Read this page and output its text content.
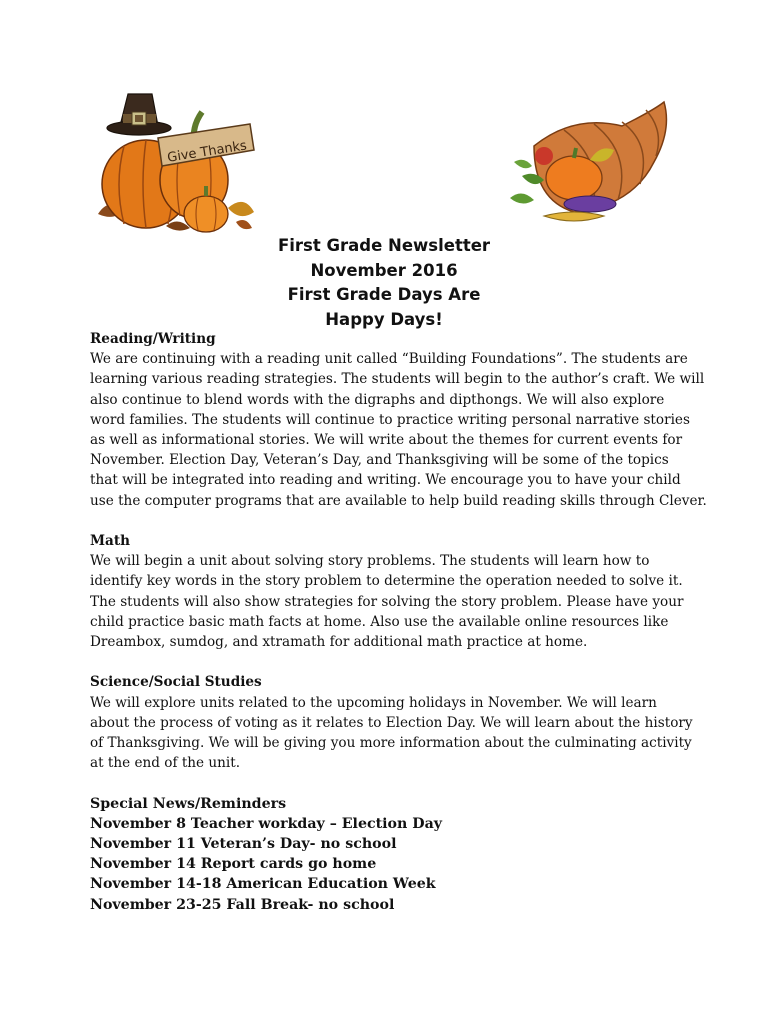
Give Thanks
First Grade Newsletter
November 2016
First Grade Days Are
Happy Days!
Reading/Writing
We are continuing with a reading unit called “Building Foundations”. The students are
learning various reading strategies. The students will begin to the author’s craft. We will
also continue to blend words with the digraphs and dipthongs. We will also explore
word families. The students will continue to practice writing personal narrative stories
as well as informational stories. We will write about the themes for current events for
November. Election Day, Veteran’s Day, and Thanksgiving will be some of the topics
that will be integrated into reading and writing. We encourage you to have your child
use the computer programs that are available to help build reading skills through Clever.
Math
We will begin a unit about solving story problems. The students will learn how to
identify key words in the story problem to determine the operation needed to solve it.
The students will also show strategies for solving the story problem. Please have your
child practice basic math facts at home. Also use the available online resources like
Dreambox, sumdog, and xtramath for additional math practice at home.
Science/Social Studies
We will explore units related to the upcoming holidays in November. We will learn
about the process of voting as it relates to Election Day. We will learn about the history
of Thanksgiving. We will be giving you more information about the culminating activity
at the end of the unit.
Special News/Reminders
November 8 Teacher workday – Election Day
November 11 Veteran’s Day- no school
November 14 Report cards go home
November 14-18 American Education Week
November 23-25 Fall Break- no school
